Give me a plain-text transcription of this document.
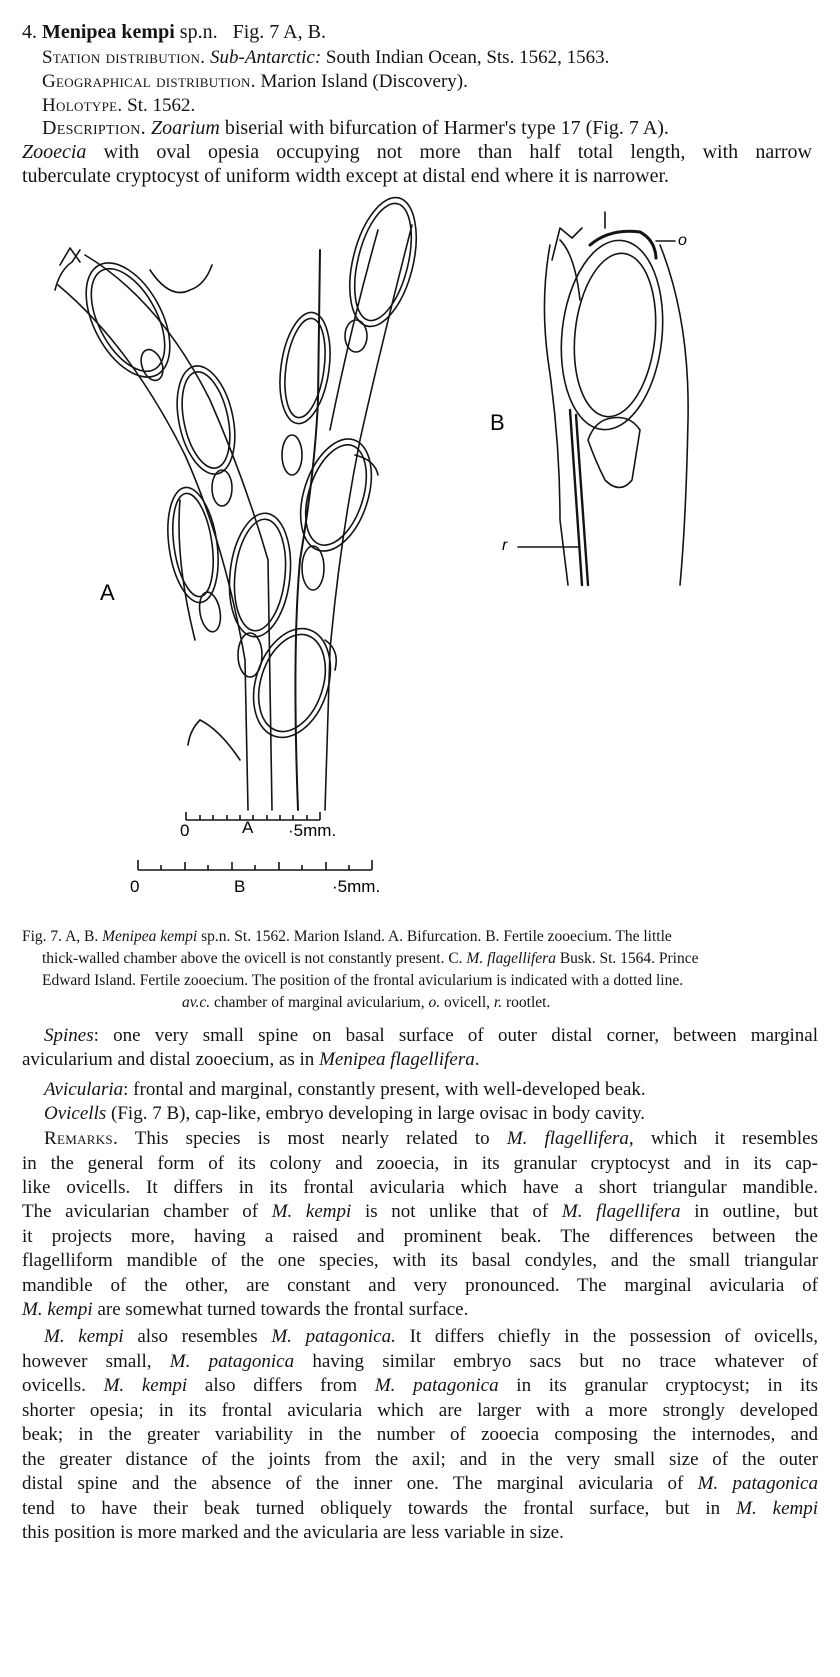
4. Menipea kempi sp.n. Fig. 7 A, B.
Station distribution. Sub-Antarctic: South Indian Ocean, Sts. 1562, 1563.
Geographical distribution. Marion Island (Discovery).
Holotype. St. 1562.
Description. Zoarium biserial with bifurcation of Harmer's type 17 (Fig. 7 A).
Zooecia with oval opesia occupying not more than half total length, with narrow
tuberculate cryptocyst of uniform width except at distal end where it is narrower.
A
B
o
r
0	A ·5mm.
0	B	·5mm.
Fig. 7. A, B. Menipea kempi sp.n. St. 1562. Marion Island. A. Bifurcation. B. Fertile zooecium. The little
thick-walled chamber above the ovicell is not constantly present. C. M. flagellifera Busk. St. 1564. Prince
Edward Island. Fertile zooecium. The position of the frontal avicularium is indicated with a dotted line.
av.c. chamber of marginal avicularium, o. ovicell, r. rootlet.
Spines: one very small spine on basal surface of outer distal corner, between marginal
avicularium and distal zooecium, as in Menipea flagellifera.
Avicularia: frontal and marginal, constantly present, with well-developed beak.
Ovicells (Fig. 7 B), cap-like, embryo developing in large ovisac in body cavity.
Remarks. This species is most nearly related to M. flagellifera, which it resembles
in the general form of its colony and zooecia, in its granular cryptocyst and in its cap-
like ovicells. It differs in its frontal avicularia which have a short triangular mandible.
The avicularian chamber of M. kempi is not unlike that of M. flagellifera in outline, but
it projects more, having a raised and prominent beak. The differences between the
flagelliform mandible of the one species, with its basal condyles, and the small triangular
mandible of the other, are constant and very pronounced. The marginal avicularia of
M. kempi are somewhat turned towards the frontal surface.
M. kempi also resembles M. patagonica. It differs chiefly in the possession of ovicells,
however small, M. patagonica having similar embryo sacs but no trace whatever of
ovicells. M. kempi also differs from M. patagonica in its granular cryptocyst; in its
shorter opesia; in its frontal avicularia which are larger with a more strongly developed
beak; in the greater variability in the number of zooecia composing the internodes, and
the greater distance of the joints from the axil; and in the very small size of the outer
distal spine and the absence of the inner one. The marginal avicularia of M. patagonica
tend to have their beak turned obliquely towards the frontal surface, but in M. kempi
this position is more marked and the avicularia are less variable in size.
